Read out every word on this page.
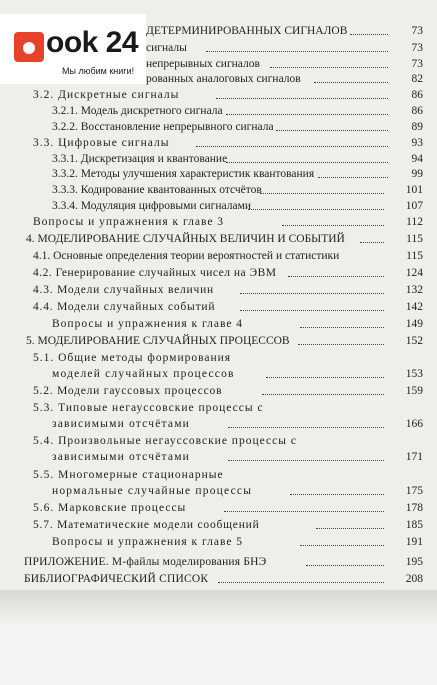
ДЕТЕРМИНИРОВАННЫХ СИГНАЛОВ	73
сигналы	73
непрерывных сигналов	73
рованных аналоговых сигналов	82
3.2. Дискретные сигналы	86
3.2.1. Модель дискретного сигнала	86
3.2.2. Восстановление непрерывного сигнала	89
3.3. Цифровые сигналы	93
3.3.1. Дискретизация и квантование	94
3.3.2. Методы улучшения характеристик квантования	99
3.3.3. Кодирование квантованных отсчётов	101
3.3.4. Модуляция цифровыми сигналами	107
Вопросы и упражнения к главе 3	112
4. МОДЕЛИРОВАНИЕ СЛУЧАЙНЫХ ВЕЛИЧИН И СОБЫТИЙ	115
4.1. Основные определения теории вероятностей и статистики	115
4.2. Генерирование случайных чисел на ЭВМ	124
4.3. Модели случайных величин	132
4.4. Модели случайных событий	142
Вопросы и упражнения к главе 4	149
5. МОДЕЛИРОВАНИЕ СЛУЧАЙНЫХ ПРОЦЕССОВ	152
5.1. Общие методы формирования
моделей случайных процессов	153
5.2. Модели гауссовых процессов	159
5.3. Типовые негауссовские процессы с
зависимыми отсчётами	166
5.4. Произвольные негауссовские процессы с
зависимыми отсчётами	171
5.5. Многомерные стационарные
нормальные случайные процессы	175
5.6. Марковские процессы	178
5.7. Математические модели сообщений	185
Вопросы и упражнения к главе 5	191
ПРИЛОЖЕНИЕ. М-файлы моделирования БНЭ	195
БИБЛИОГРАФИЧЕСКИЙ СПИСОК	208
ook 24
Мы любим книги!
